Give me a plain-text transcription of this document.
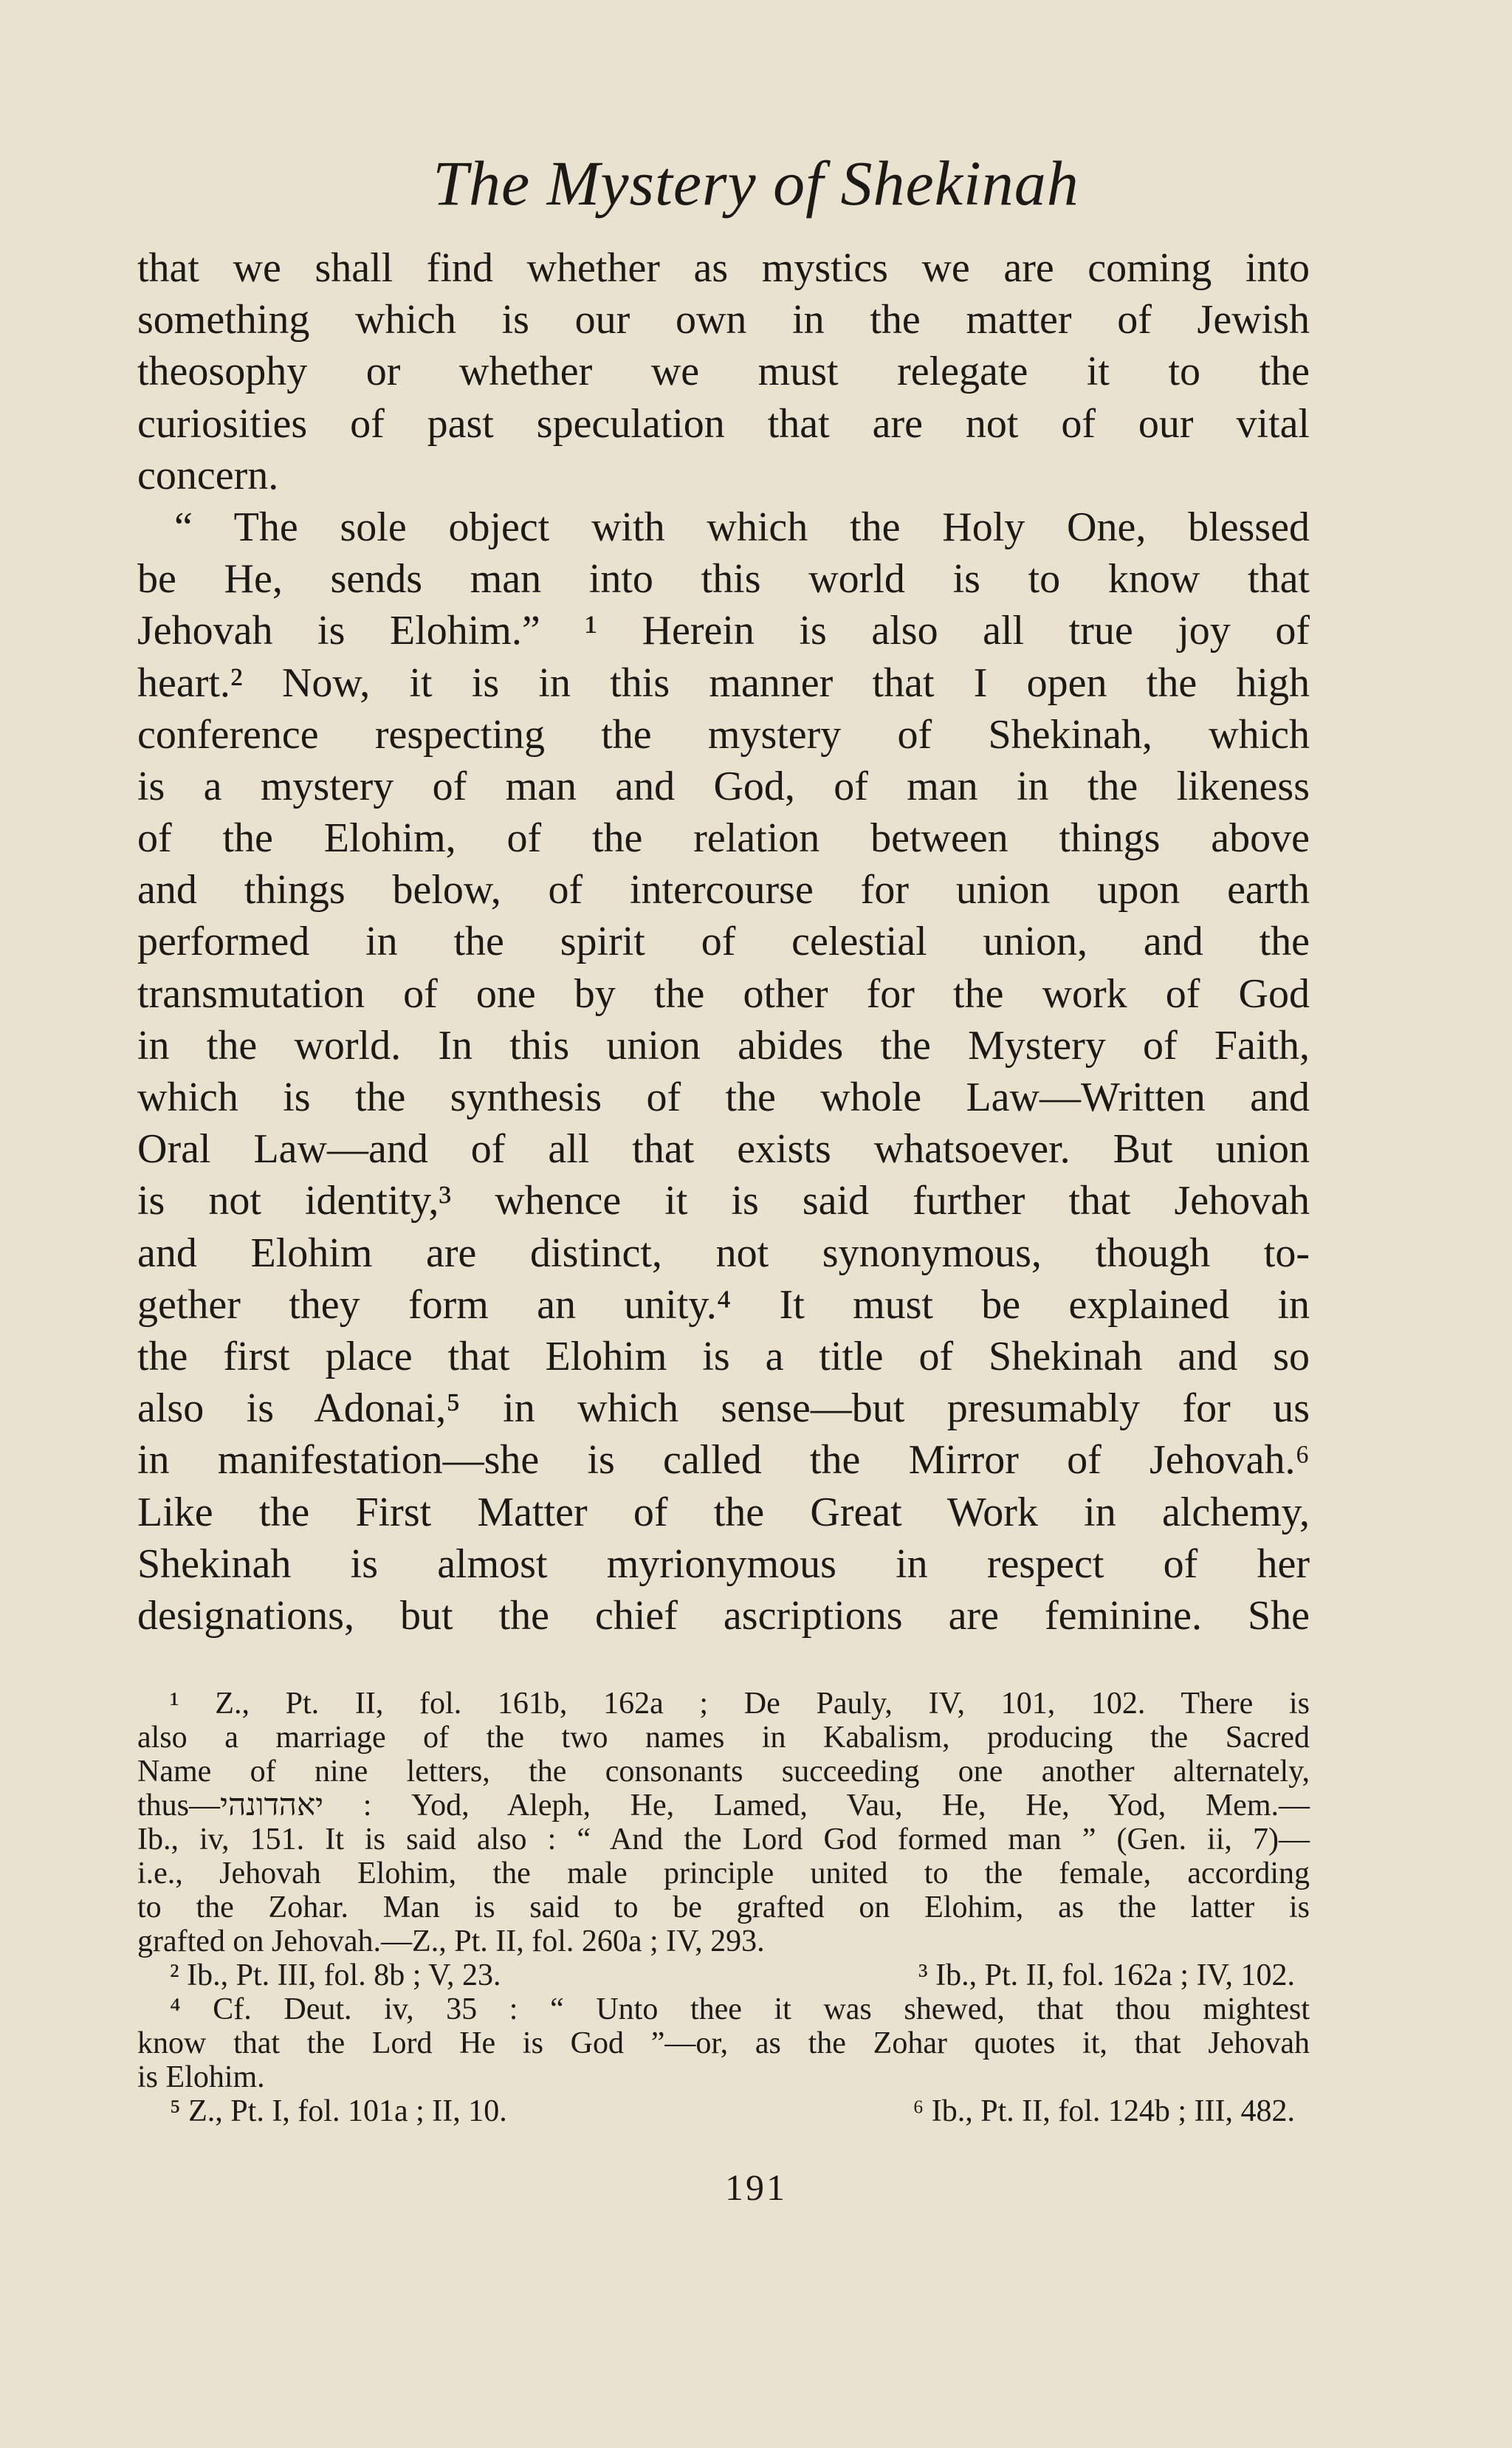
The Mystery of Shekinah
that we shall find whether as mystics we are coming into
something which is our own in the matter of Jewish
theosophy or whether we must relegate it to the
curiosities of past speculation that are not of our vital
concern.
“ The sole object with which the Holy One, blessed
be He, sends man into this world is to know that
Jehovah is Elohim.” ¹ Herein is also all true joy of
heart.² Now, it is in this manner that I open the high
conference respecting the mystery of Shekinah, which
is a mystery of man and God, of man in the likeness
of the Elohim, of the relation between things above
and things below, of intercourse for union upon earth
performed in the spirit of celestial union, and the
transmutation of one by the other for the work of God
in the world. In this union abides the Mystery of Faith,
which is the synthesis of the whole Law—Written and
Oral Law—and of all that exists whatsoever. But union
is not identity,³ whence it is said further that Jehovah
and Elohim are distinct, not synonymous, though to-
gether they form an unity.⁴ It must be explained in
the first place that Elohim is a title of Shekinah and so
also is Adonai,⁵ in which sense—but presumably for us
in manifestation—she is called the Mirror of Jehovah.⁶
Like the First Matter of the Great Work in alchemy,
Shekinah is almost myrionymous in respect of her
designations, but the chief ascriptions are feminine. She
¹ Z., Pt. II, fol. 161b, 162a ; De Pauly, IV, 101, 102. There is
also a marriage of the two names in Kabalism, producing the Sacred
Name of nine letters, the consonants succeeding one another alternately,
thus—יאהדונהי : Yod, Aleph, He, Lamed, Vau, He, He, Yod, Mem.—
Ib., iv, 151. It is said also : “ And the Lord God formed man ” (Gen. ii, 7)—
i.e., Jehovah Elohim, the male principle united to the female, according
to the Zohar. Man is said to be grafted on Elohim, as the latter is
grafted on Jehovah.—Z., Pt. II, fol. 260a ; IV, 293.
² Ib., Pt. III, fol. 8b ; V, 23.	³ Ib., Pt. II, fol. 162a ; IV, 102.
⁴ Cf. Deut. iv, 35 : “ Unto thee it was shewed, that thou mightest
know that the Lord He is God ”—or, as the Zohar quotes it, that Jehovah
is Elohim.
⁵ Z., Pt. I, fol. 101a ; II, 10.	⁶ Ib., Pt. II, fol. 124b ; III, 482.
191
